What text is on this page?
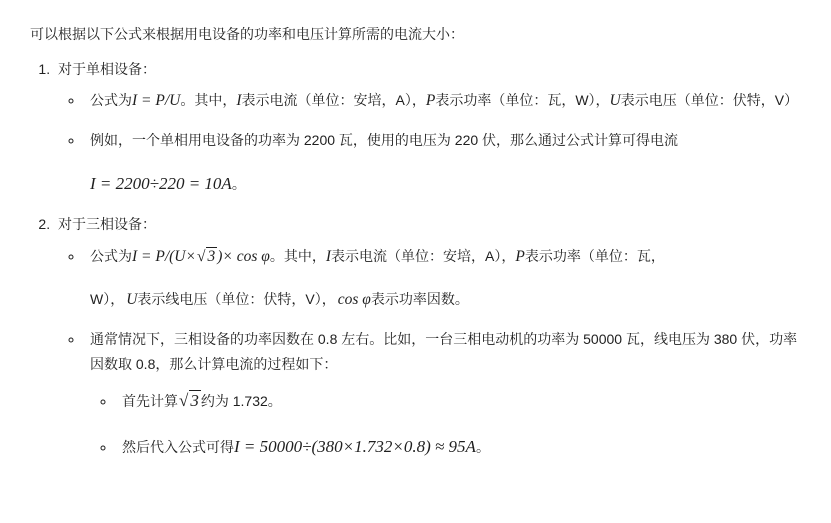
可以根据以下公式来根据用电设备的功率和电压计算所需的电流大小：

1. 对于单相设备：
◦ 公式为I = P/U。其中，I表示电流（单位：安培，A），P表示功率（单位：瓦，W），U表示电压（单位：伏特，V）
◦ 例如，一个单相用电设备的功率为 2200 瓦，使用的电压为 220 伏，那么通过公式计算可得电流
I = 2200÷220 = 10A。
2. 对于三相设备：
◦ 公式为I = P/(U×√ 3 )× cos φ。其中，I表示电流（单位：安培，A），P表示功率（单位：瓦，
W）， U表示线电压（单位：伏特，V）， cos φ表示功率因数。
◦ 通常情况下，三相设备的功率因数在 0.8 左右。比如，一台三相电动机的功率为 50000 瓦，线电压为 380 伏，功率因数取 0.8，那么计算电流的过程如下：
◦ 首先计算√ 3 约为 1.732。
◦ 然后代入公式可得I = 50000÷(380×1.732×0.8) ≈ 95A。
